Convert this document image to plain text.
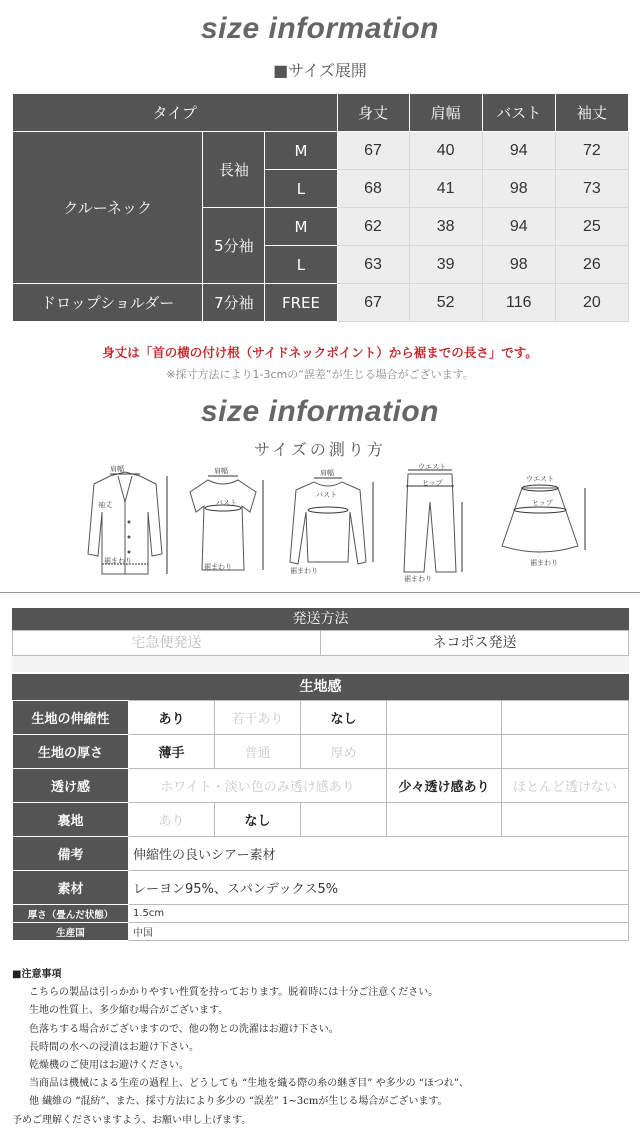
size information
■サイズ展開
タイプ			身丈	肩幅	バスト	袖丈
クルーネック	長袖	M	67	40	94	72
		L	68	41	98	73
	5分袖	M	62	38	94	25
		L	63	39	98	26
ドロップショルダー	7分袖	FREE	67	52	116	20
身丈は「首の横の付け根（サイドネックポイント）から裾までの長さ」です。
※採寸方法により1-3cmの“誤差”が生じる場合がございます。
size information
サイズの測り方
肩幅
袖丈
裾まわり
肩幅
バスト
裾まわり
肩幅
バスト
裾まわり
ウエスト
ヒップ
裾まわり
ウエスト
ヒップ
裾まわり
発送方法
宅急便発送	ネコポス発送
生地感
生地の伸縮性	あり	若干あり	なし		
生地の厚さ	薄手	普通	厚め		
透け感	ホワイト・淡い色のみ透け感あり			少々透け感あり	ほとんど透けない
裏地	あり	なし			
備考	伸縮性の良いシアー素材				
素材	レーヨン95%、スパンデックス5%				
厚さ（畳んだ状態）	1.5cm				
生産国	中国				
■注意事項
こちらの製品は引っかかりやすい性質を持っております。脱着時には十分ご注意ください。
生地の性質上、多少縮む場合がございます。
色落ちする場合がございますので、他の物との洗濯はお避け下さい。
長時間の水への浸漬はお避け下さい。
乾燥機のご使用はお避けください。
当商品は機械による生産の過程上、どうしても “生地を織る際の糸の継ぎ目” や多少の “ほつれ”、
他 繊維の “混紡”、また、採寸方法により多少の “誤差” 1~3cmが生じる場合がございます。
予めご理解くださいますよう、お願い申し上げます。
